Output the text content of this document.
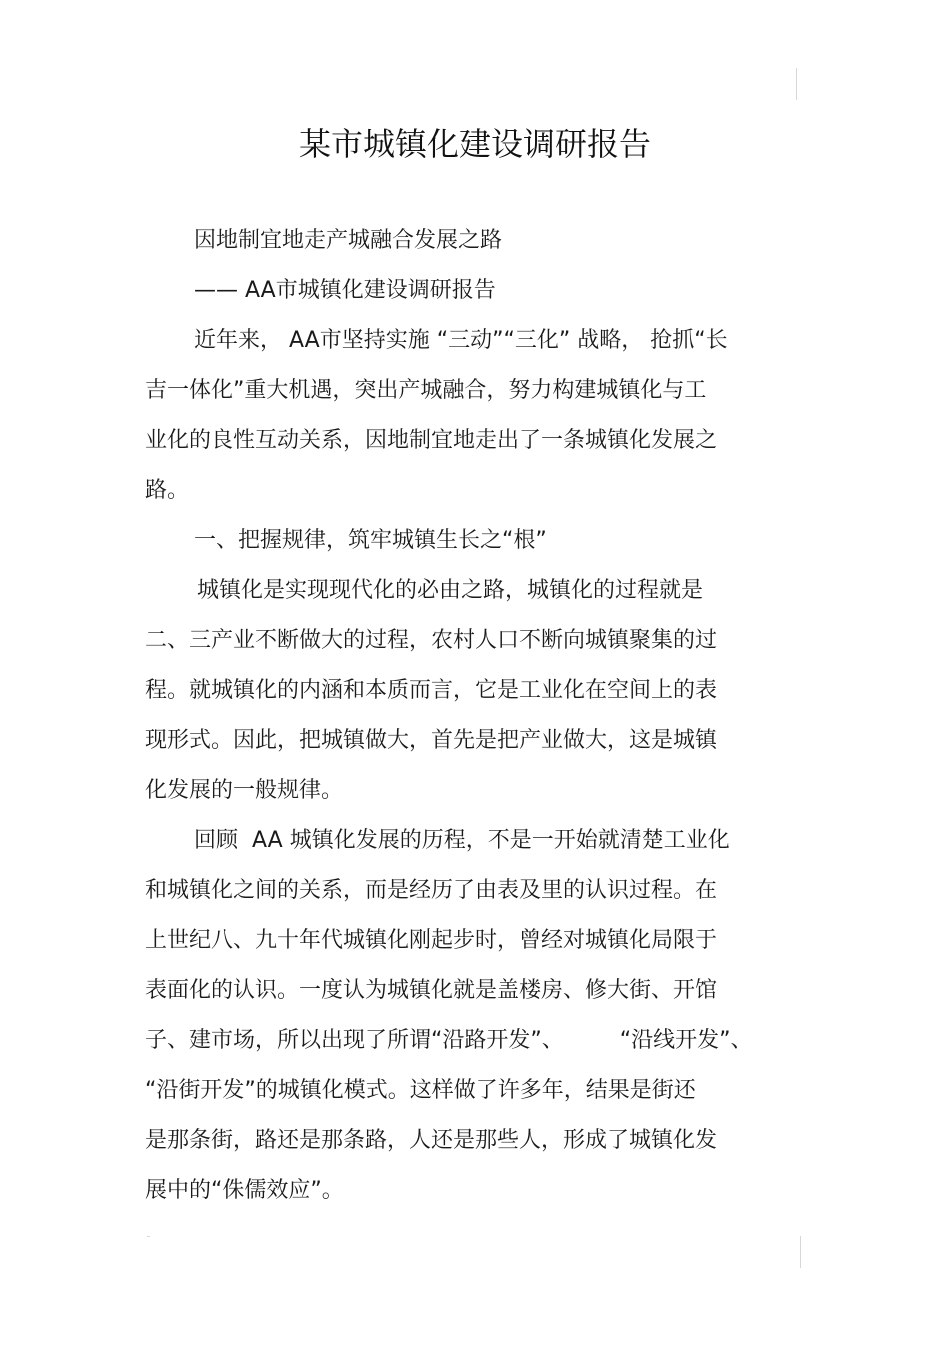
某市城镇化建设调研报告
因地制宜地走产城融合发展之路
—— AA市城镇化建设调研报告
近年来， AA市坚持实施 “三动”“三化” 战略， 抢抓“长
吉一体化”重大机遇，突出产城融合，努力构建城镇化与工
业化的良性互动关系，因地制宜地走出了一条城镇化发展之
路。
一、把握规律，筑牢城镇生长之“根”
城镇化是实现现代化的必由之路，城镇化的过程就是
二、三产业不断做大的过程，农村人口不断向城镇聚集的过
程。就城镇化的内涵和本质而言，它是工业化在空间上的表
现形式。因此，把城镇做大，首先是把产业做大，这是城镇
化发展的一般规律。
回顾  AA 城镇化发展的历程，不是一开始就清楚工业化
和城镇化之间的关系，而是经历了由表及里的认识过程。在
上世纪八、九十年代城镇化刚起步时，曾经对城镇化局限于
表面化的认识。一度认为城镇化就是盖楼房、修大街、开馆
子、建市场，所以出现了所谓“沿路开发”、        “沿线开发”、
“沿街开发”的城镇化模式。这样做了许多年，结果是街还
是那条街，路还是那条路，人还是那些人，形成了城镇化发
展中的“侏儒效应”。
